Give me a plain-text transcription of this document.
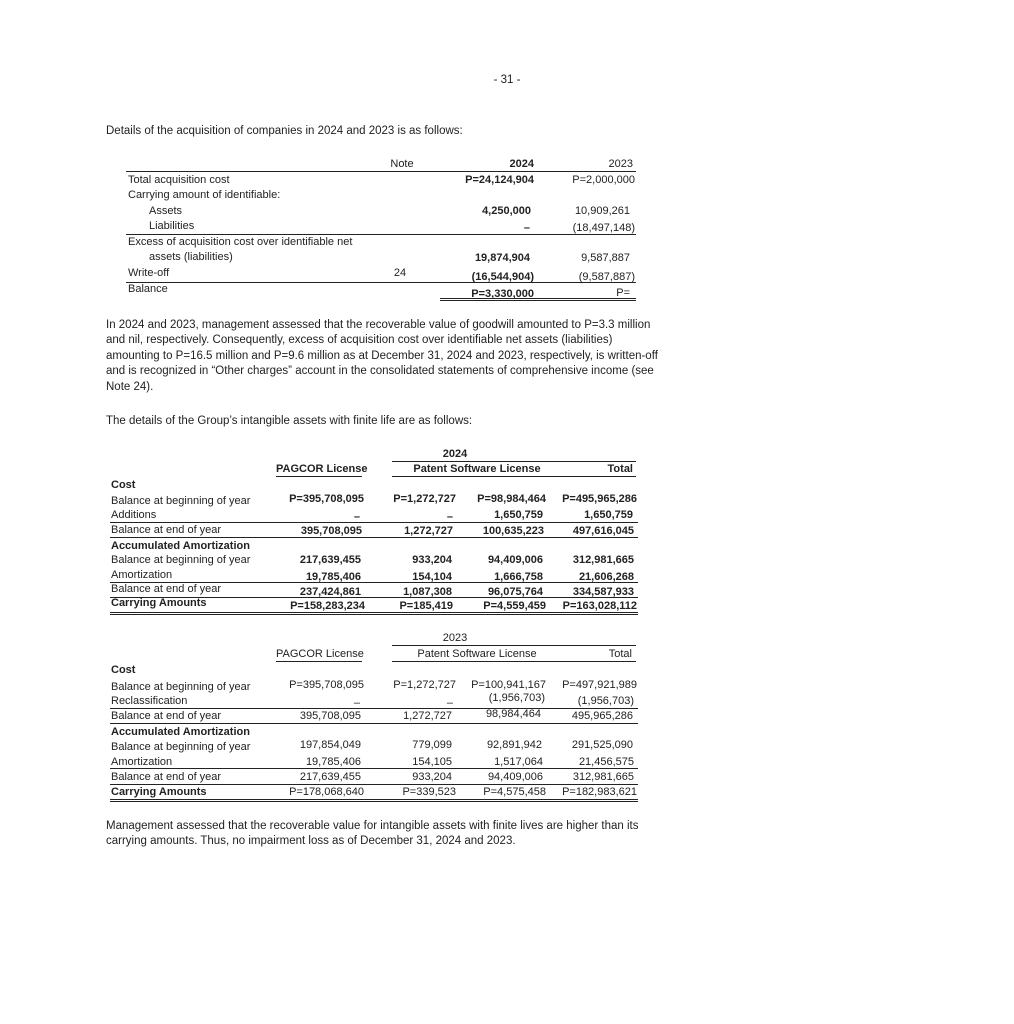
- 31 -
Details of the acquisition of companies in 2024 and 2023 is as follows:
Note	2024	2023
Total acquisition cost	P=24,124,904	P=2,000,000
Carrying amount of identifiable:
Assets	4,250,000	10,909,261
Liabilities	–	(18,497,148)
Excess of acquisition cost over identifiable net
assets (liabilities)	19,874,904	9,587,887
Write-off	24	(16,544,904)	(9,587,887)
Balance	P=3,330,000	P=
In 2024 and 2023, management assessed that the recoverable value of goodwill amounted to P=3.3 million and nil, respectively. Consequently, excess of acquisition cost over identifiable net assets (liabilities) amounting to P=16.5 million and P=9.6 million as at December 31, 2024 and 2023, respectively, is written-off and is recognized in “Other charges” account in the consolidated statements of comprehensive income (see Note 24).
The details of the Group’s intangible assets with finite life are as follows:
2024
PAGCOR License	Patent Software License	Total
Cost
Balance at beginning of year	P=395,708,095	P=1,272,727	P=98,984,464	P=495,965,286
Additions	–	–	1,650,759	1,650,759
Balance at end of year	395,708,095	1,272,727	100,635,223	497,616,045
Accumulated Amortization
Balance at beginning of year	217,639,455	933,204	94,409,006	312,981,665
Amortization	19,785,406	154,104	1,666,758	21,606,268
Balance at end of year	237,424,861	1,087,308	96,075,764	334,587,933
Carrying Amounts	P=158,283,234	P=185,419	P=4,559,459	P=163,028,112
2023
PAGCOR License	Patent Software License	Total
Cost
Balance at beginning of year	P=395,708,095	P=1,272,727	P=100,941,167	P=497,921,989
Reclassification	–	–	(1,956,703)	(1,956,703)
Balance at end of year	395,708,095	1,272,727	98,984,464	495,965,286
Accumulated Amortization
Balance at beginning of year	197,854,049	779,099	92,891,942	291,525,090
Amortization	19,785,406	154,105	1,517,064	21,456,575
Balance at end of year	217,639,455	933,204	94,409,006	312,981,665
Carrying Amounts	P=178,068,640	P=339,523	P=4,575,458	P=182,983,621
Management assessed that the recoverable value for intangible assets with finite lives are higher than its carrying amounts. Thus, no impairment loss as of December 31, 2024 and 2023.
